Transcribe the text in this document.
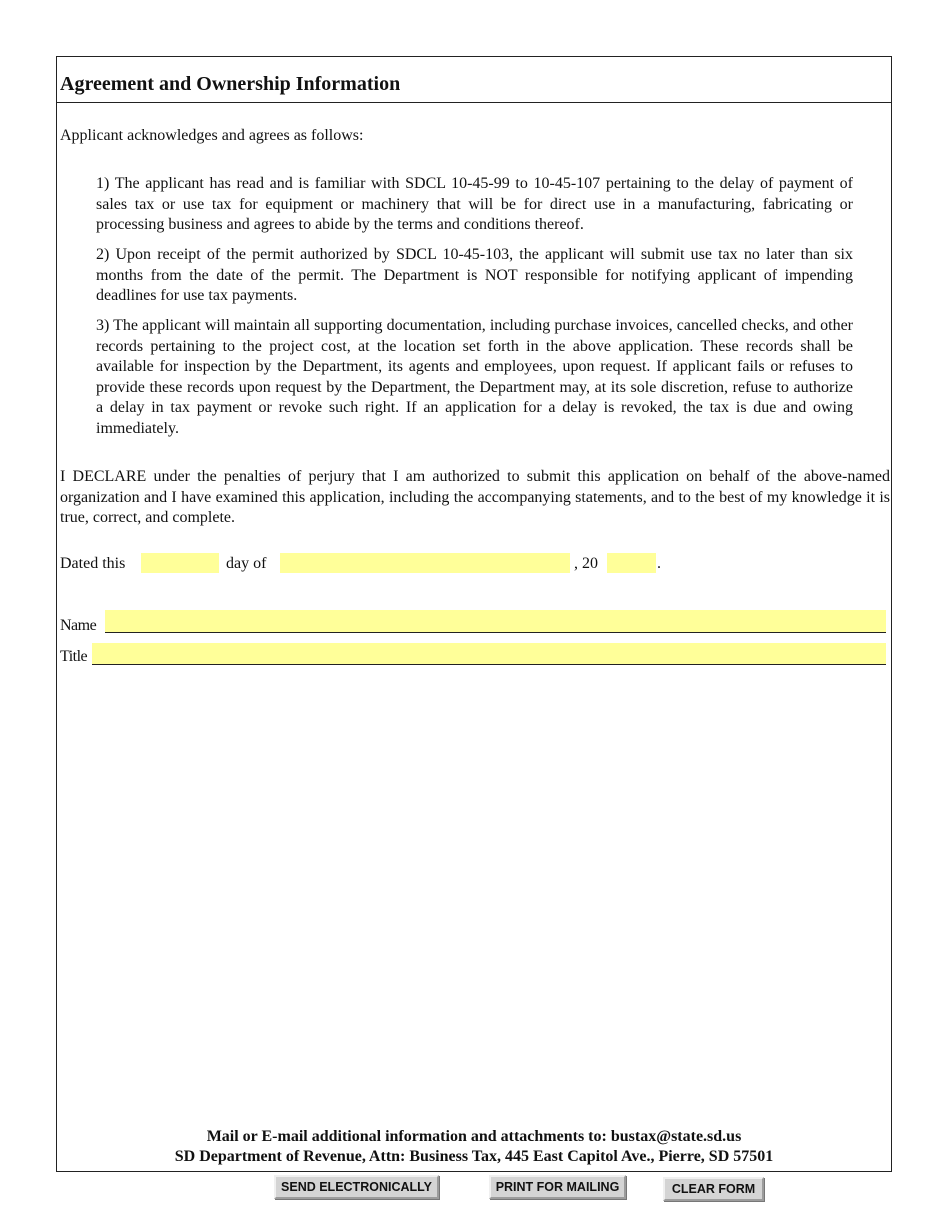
Agreement and Ownership Information
Applicant acknowledges and agrees as follows:
1) The applicant has read and is familiar with SDCL 10-45-99 to 10-45-107 pertaining to the delay of payment of sales tax or use tax for equipment or machinery that will be for direct use in a manufacturing, fabricating or processing business and agrees to abide by the terms and conditions thereof.
2) Upon receipt of the permit authorized by SDCL 10-45-103, the applicant will submit use tax no later than six months from the date of the permit. The Department is NOT responsible for notifying applicant of impending deadlines for use tax payments.
3) The applicant will maintain all supporting documentation, including purchase invoices, cancelled checks, and other records pertaining to the project cost, at the location set forth in the above application. These records shall be available for inspection by the Department, its agents and employees, upon request. If applicant fails or refuses to provide these records upon request by the Department, the Department may, at its sole discretion, refuse to authorize a delay in tax payment or revoke such right. If an application for a delay is revoked, the tax is due and owing immediately.
I DECLARE under the penalties of perjury that I am authorized to submit this application on behalf of the above-named organization and I have examined this application, including the accompanying statements, and to the best of my knowledge it is true, correct, and complete.
Dated this	day of	, 20	.
Name
Title
Mail or E-mail additional information and attachments to: bustax@state.sd.us
SD Department of Revenue, Attn: Business Tax, 445 East Capitol Ave., Pierre, SD 57501
SEND ELECTRONICALLY	PRINT FOR MAILING	CLEAR FORM
